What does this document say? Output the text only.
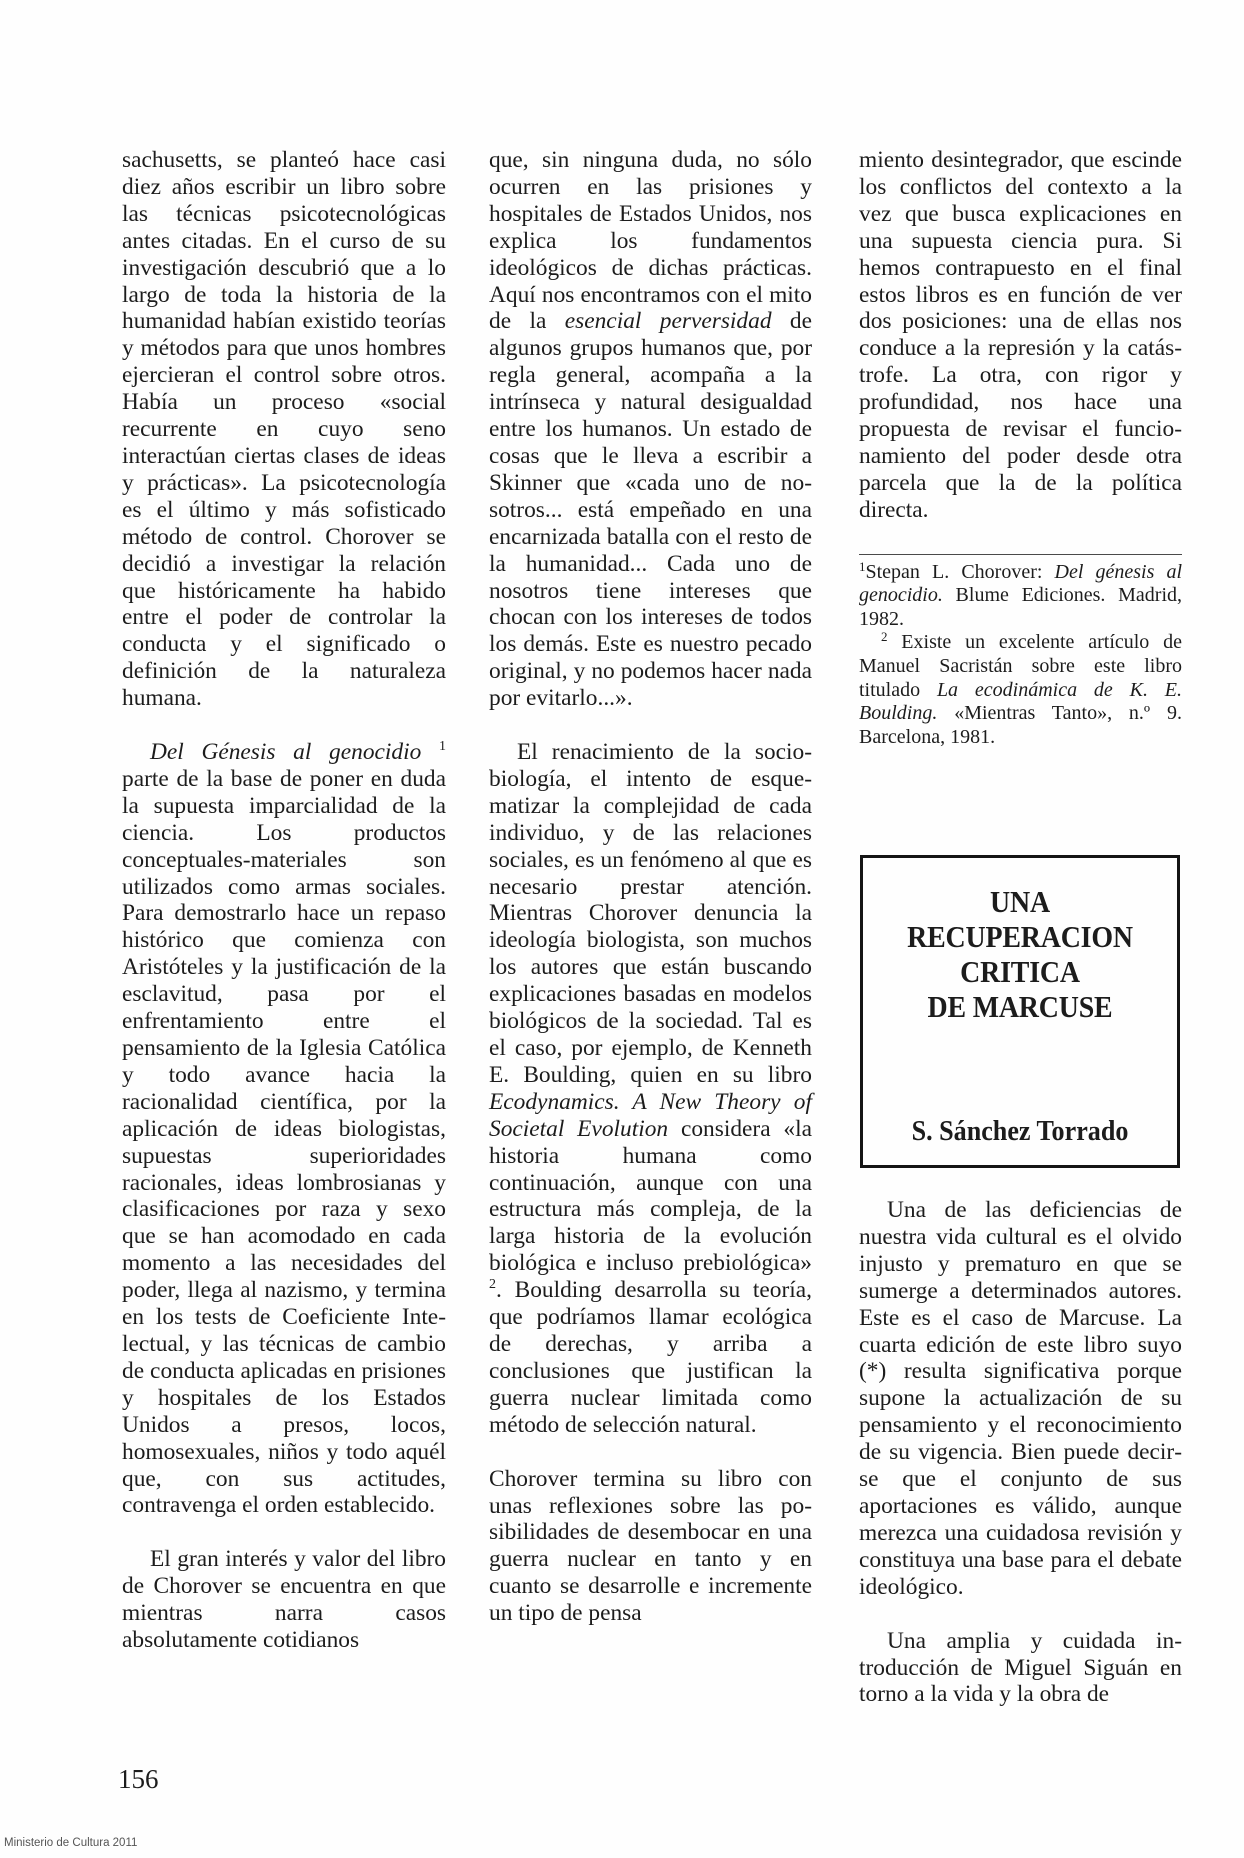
sachusetts, se planteó hace casi diez años escribir un libro sobre las técnicas psicotecnológicas antes citadas. En el curso de su investigación descubrió que a lo largo de toda la historia de la humanidad habían existido teorías y métodos para que unos hombres ejercieran el control sobre otros. Había un proceso «social recurrente en cuyo seno interactúan ciertas clases de ideas y prácticas». La psicotecnología es el último y más sofisticado método de control. Chorover se decidió a investigar la relación que históricamente ha habido entre el poder de controlar la conducta y el significado o definición de la naturaleza humana.

Del Génesis al genocidio $^1$ parte de la base de poner en duda la supuesta imparcialidad de la ciencia. Los productos conceptuales-materiales son utilizados como armas sociales. Para demostrarlo hace un repaso histórico que comienza con Aristóteles y la justificación de la esclavitud, pasa por el enfrentamiento entre el pensamiento de la Iglesia Católica y todo avance hacia la racionalidad científica, por la aplicación de ideas biologistas, supuestas superioridades racionales, ideas lombrosianas y clasificaciones por raza y sexo que se han acomodado en cada momento a las necesidades del poder, llega al nazismo, y termina en los tests de Coeficiente Intelectual, y las técnicas de cambio de conducta aplicadas en prisiones y hospitales de los Estados Unidos a presos, locos, homosexuales, niños y todo aquél que, con sus actitudes, contravenga el orden establecido.

El gran interés y valor del libro de Chorover se encuentra en que mientras narra casos absolutamente cotidianos

que, sin ninguna duda, no sólo ocurren en las prisiones y hospitales de Estados Unidos, nos explica los fundamentos ideológicos de dichas prácticas. Aquí nos encontramos con el mito de la esencial perversidad de algunos grupos humanos que, por regla general, acompaña a la intrínseca y natural desigualdad entre los humanos. Un estado de cosas que le lleva a escribir a Skinner que «cada uno de nosotros... está empeñado en una encarnizada batalla con el resto de la humanidad... Cada uno de nosotros tiene intereses que chocan con los intereses de todos los demás. Este es nuestro pecado original, y no podemos hacer nada por evitarlo...».

El renacimiento de la sociobiología, el intento de esquematizar la complejidad de cada individuo, y de las relaciones sociales, es un fenómeno al que es necesario prestar atención. Mientras Chorover denuncia la ideología biologista, son muchos los autores que están buscando explicaciones basadas en modelos biológicos de la sociedad. Tal es el caso, por ejemplo, de Kenneth E. Boulding, quien en su libro Ecodynamics. A New Theory of Societal Evolution considera «la historia humana como continuación, aunque con una estructura más compleja, de la larga historia de la evolución biológica e incluso prebiológica» $^2$. Boulding desarrolla su teoría, que podríamos llamar ecológica de derechas, y arriba a conclusiones que justifican la guerra nuclear limitada como método de selección natural.

Chorover termina su libro con unas reflexiones sobre las posibilidades de desembocar en una guerra nuclear en tanto y en cuanto se desarrolle e incremente un tipo de pensa

miento desintegrador, que escinde los conflictos del contexto a la vez que busca explicaciones en una supuesta ciencia pura. Si hemos contrapuesto en el final estos libros es en función de ver dos posiciones: una de ellas nos conduce a la represión y la catástrofe. La otra, con rigor y profundidad, nos hace una propuesta de revisar el funcionamiento del poder desde otra parcela que la de la política directa.

$^1$Stepan L. Chorover: Del génesis al genocidio. Blume Ediciones. Madrid, 1982.

$^2$ Existe un excelente artículo de Manuel Sacristán sobre este libro titulado La ecodinámica de K. E. Boulding. «Mientras Tanto», n.º 9. Barcelona, 1981.

UNA
RECUPERACION
CRITICA
DE MARCUSE
S. Sánchez Torrado

Una de las deficiencias de nuestra vida cultural es el olvido injusto y prematuro en que se sumerge a determinados autores. Este es el caso de Marcuse. La cuarta edición de este libro suyo (*) resulta significativa porque supone la actualización de su pensamiento y el reconocimiento de su vigencia. Bien puede decirse que el conjunto de sus aportaciones es válido, aunque merezca una cuidadosa revisión y constituya una base para el debate ideológico.

Una amplia y cuidada introducción de Miguel Siguán en torno a la vida y la obra de

156
Ministerio de Cultura 2011
